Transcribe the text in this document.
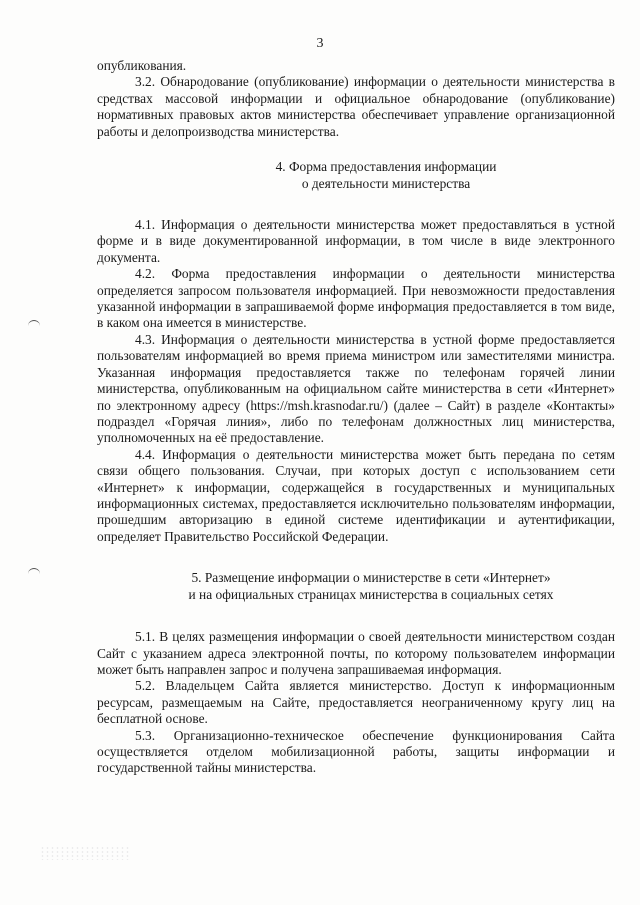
3

опубликования.

3.2. Обнародование (опубликование) информации о деятельности министерства в средствах массовой информации и официальное обнародование (опубликование) нормативных правовых актов министерства обеспечивает управление организационной работы и делопроизводства министерства.

4. Форма предоставления информации
о деятельности министерства

4.1. Информация о деятельности министерства может предоставляться в устной форме и в виде документированной информации, в том числе в виде электронного документа.

4.2. Форма предоставления информации о деятельности министерства определяется запросом пользователя информацией. При невозможности предоставления указанной информации в запрашиваемой форме информация предоставляется в том виде, в каком она имеется в министерстве.

4.3. Информация о деятельности министерства в устной форме предоставляется пользователям информацией во время приема министром или заместителями министра. Указанная информация предоставляется также по телефонам горячей линии министерства, опубликованным на официальном сайте министерства в сети «Интернет» по электронному адресу (https://msh.krasnodar.ru/) (далее – Сайт) в разделе «Контакты» подраздел «Горячая линия», либо по телефонам должностных лиц министерства, уполномоченных на её предоставление.

4.4. Информация о деятельности министерства может быть передана по сетям связи общего пользования. Случаи, при которых доступ с использованием сети «Интернет» к информации, содержащейся в государственных и муниципальных информационных системах, предоставляется исключительно пользователям информации, прошедшим авторизацию в единой системе идентификации и аутентификации, определяет Правительство Российской Федерации.

5. Размещение информации о министерстве в сети «Интернет»
и на официальных страницах министерства в социальных сетях

5.1. В целях размещения информации о своей деятельности министерством создан Сайт с указанием адреса электронной почты, по которому пользователем информации может быть направлен запрос и получена запрашиваемая информация.

5.2. Владельцем Сайта является министерство. Доступ к информационным ресурсам, размещаемым на Сайте, предоставляется неограниченному кругу лиц на бесплатной основе.

5.3. Организационно-техническое обеспечение функционирования Сайта осуществляется отделом мобилизационной работы, защиты информации и государственной тайны министерства.
